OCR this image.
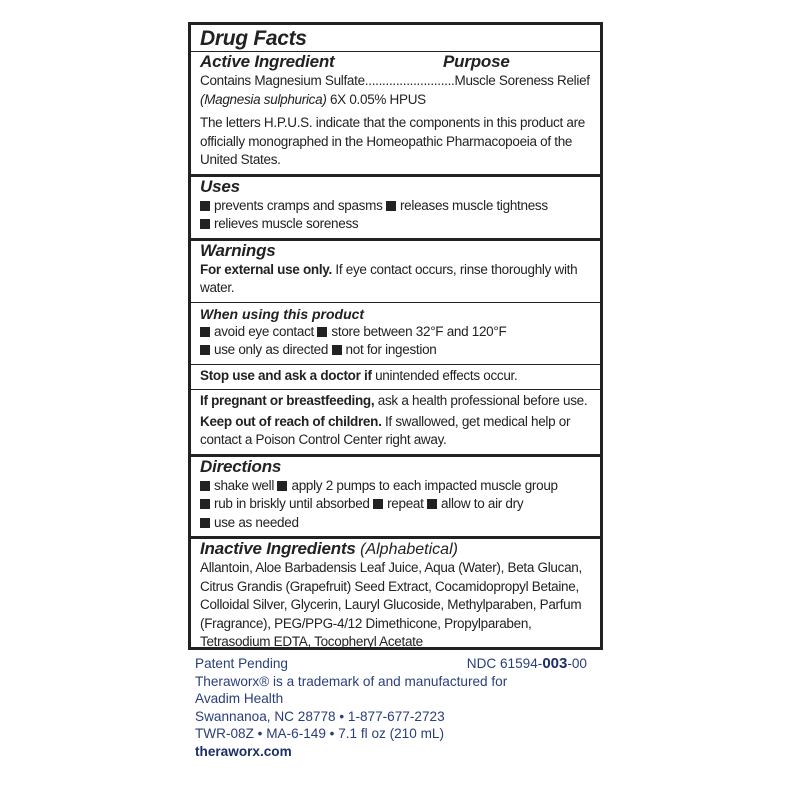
Drug Facts
Active Ingredient	Purpose
Contains Magnesium Sulfate..........................Muscle Soreness Relief
(Magnesia sulphurica) 6X 0.05% HPUS
The letters H.P.U.S. indicate that the components in this product are officially monographed in the Homeopathic Pharmacopoeia of the United States.
Uses
prevents cramps and spasms releases muscle tightness
relieves muscle soreness
Warnings
For external use only. If eye contact occurs, rinse thoroughly with water.
When using this product
avoid eye contact store between 32°F and 120°F
use only as directed not for ingestion
Stop use and ask a doctor if unintended effects occur.
If pregnant or breastfeeding, ask a health professional before use.
Keep out of reach of children. If swallowed, get medical help or contact a Poison Control Center right away.
Directions
shake well apply 2 pumps to each impacted muscle group
rub in briskly until absorbed repeat allow to air dry
use as needed
Inactive Ingredients (Alphabetical)
Allantoin, Aloe Barbadensis Leaf Juice, Aqua (Water), Beta Glucan, Citrus Grandis (Grapefruit) Seed Extract, Cocamidopropyl Betaine, Colloidal Silver, Glycerin, Lauryl Glucoside, Methylparaben, Parfum (Fragrance), PEG/PPG-4/12 Dimethicone, Propylparaben, Tetrasodium EDTA, Tocopheryl Acetate
NDC 61594-003-00
Patent Pending
Theraworx® is a trademark of and manufactured for
Avadim Health
Swannanoa, NC 28778 • 1-877-677-2723
TWR-08Z • MA-6-149 • 7.1 fl oz (210 mL)
theraworx.com
